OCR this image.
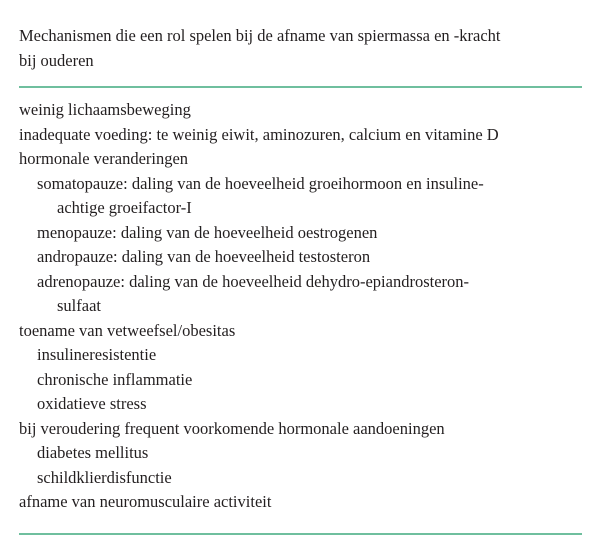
Mechanismen die een rol spelen bij de afname van spiermassa en -kracht
bij ouderen
weinig lichaamsbeweging
inadequate voeding: te weinig eiwit, aminozuren, calcium en vitamine D
hormonale veranderingen
somatopauze: daling van de hoeveelheid groeihormoon en insuline-
achtige groeifactor-I
menopauze: daling van de hoeveelheid oestrogenen
andropauze: daling van de hoeveelheid testosteron
adrenopauze: daling van de hoeveelheid dehydro-epiandrosteron-
sulfaat
toename van vetweefsel/obesitas
insulineresistentie
chronische inflammatie
oxidatieve stress
bij veroudering frequent voorkomende hormonale aandoeningen
diabetes mellitus
schildklierdisfunctie
afname van neuromusculaire activiteit
